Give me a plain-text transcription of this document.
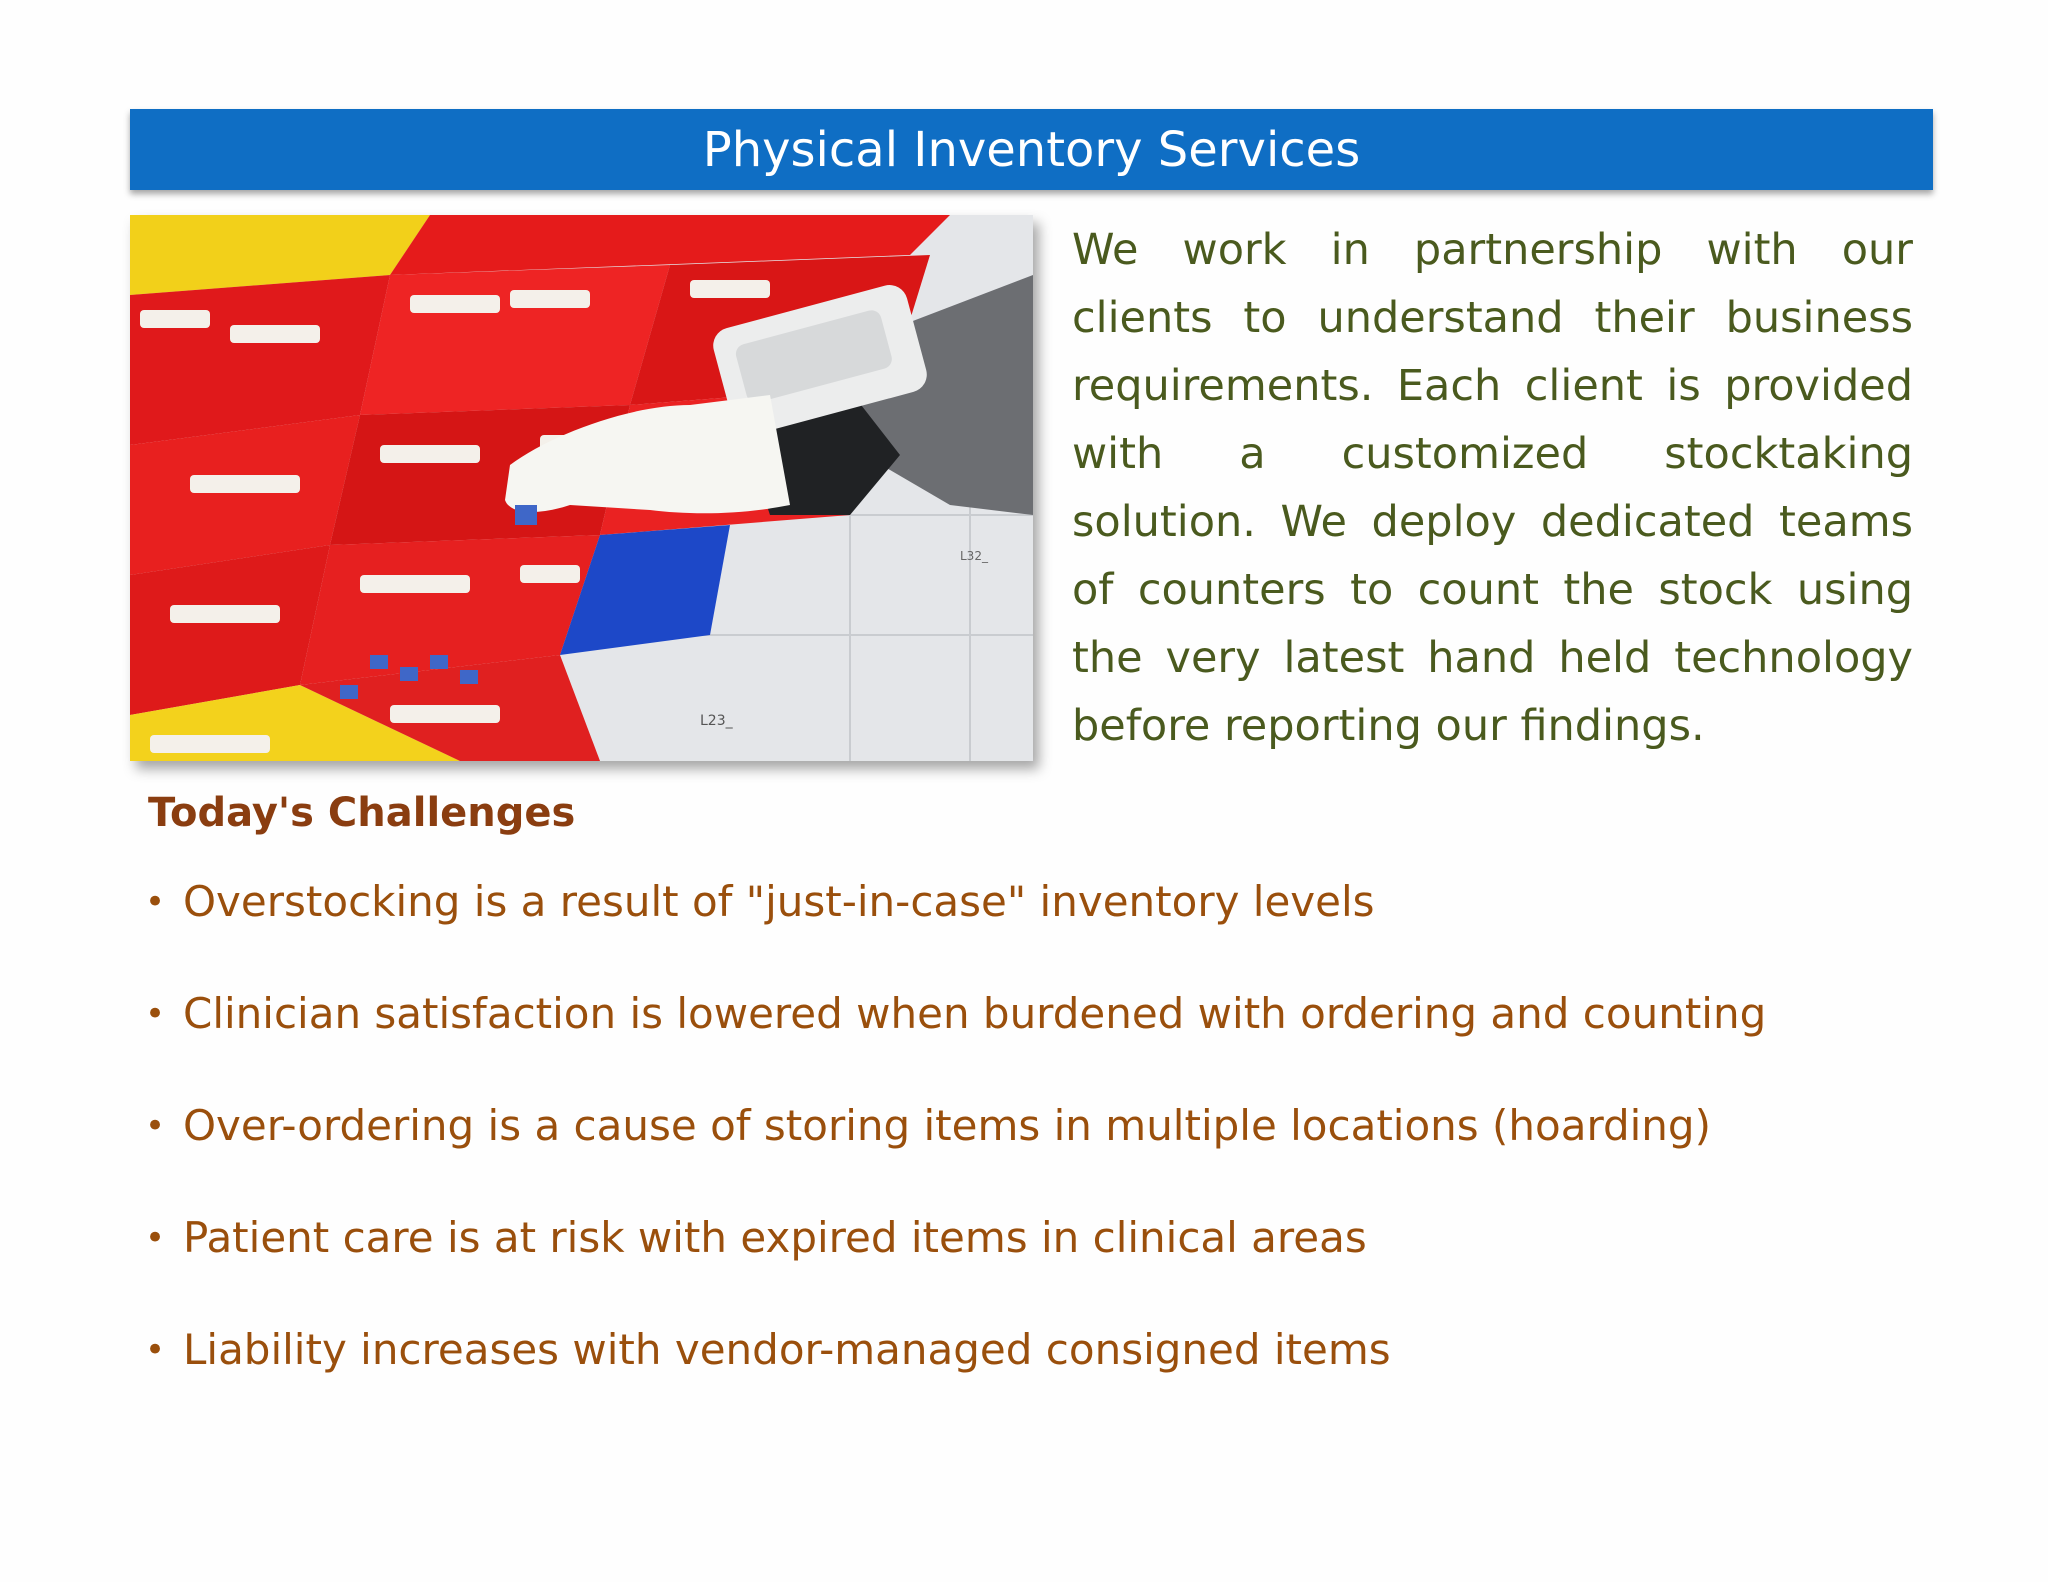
Physical Inventory Services
L23_
L32_

We work in partnership with our clients to understand their business requirements. Each client is provided with a customized stocktaking solution. We deploy dedicated teams of counters to count the stock using the very latest hand held technology before reporting our findings.

Today's Challenges
• Overstocking is a result of "just-in-case" inventory levels
• Clinician satisfaction is lowered when burdened with ordering and counting
• Over-ordering is a cause of storing items in multiple locations (hoarding)
• Patient care is at risk with expired items in clinical areas
• Liability increases with vendor-managed consigned items
